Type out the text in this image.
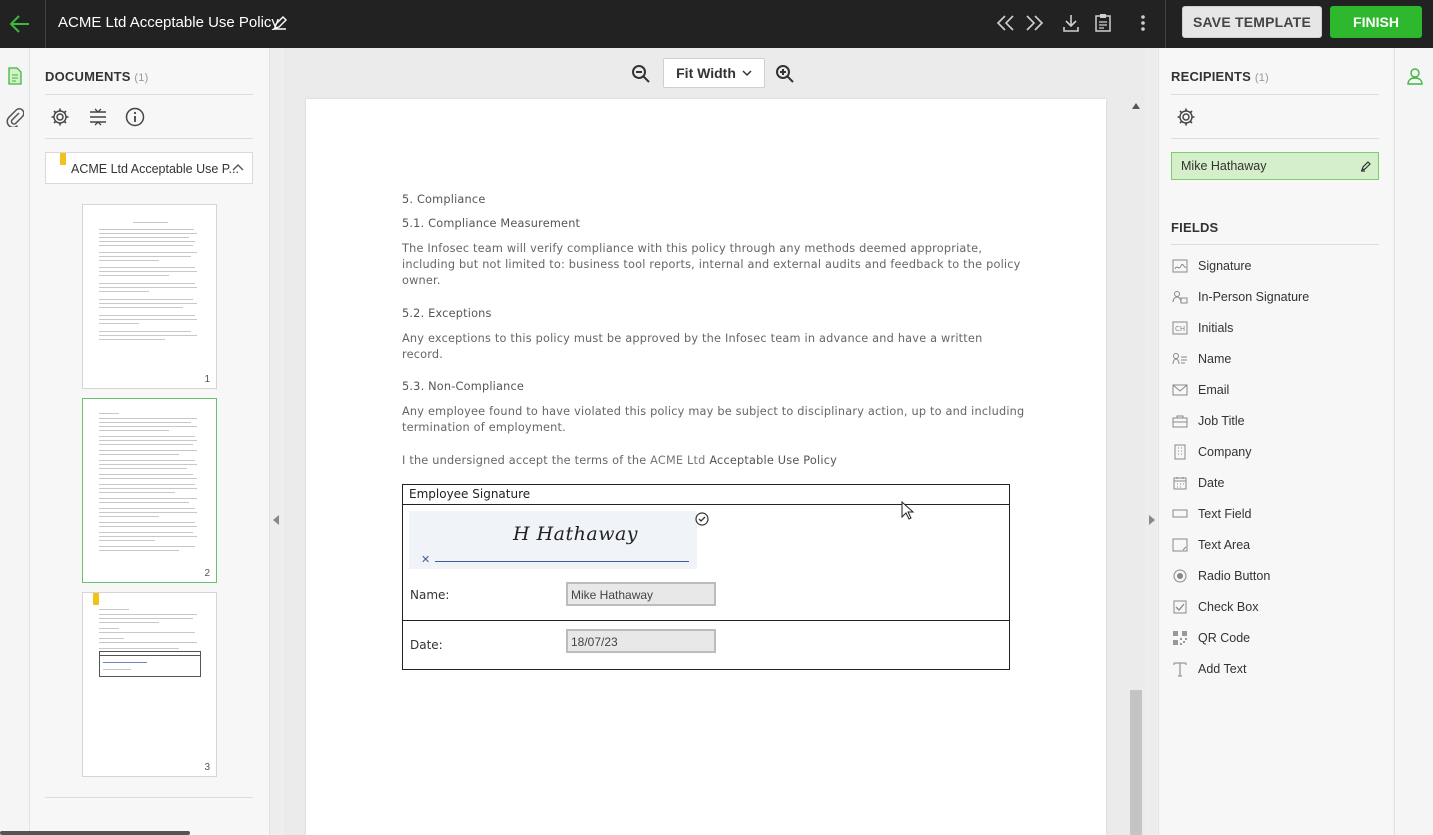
ACME Ltd Acceptable Use Policy	SAVE TEMPLATE	FINISH
DOCUMENTS (1)
ACME Ltd Acceptable Use P...
1
2
3
Fit Width
5. Compliance
5.1. Compliance Measurement
The Infosec team will verify compliance with this policy through any methods deemed appropriate,
including but not limited to: business tool reports, internal and external audits and feedback to the policy
owner.
5.2. Exceptions
Any exceptions to this policy must be approved by the Infosec team in advance and have a written
record.
5.3. Non-Compliance
Any employee found to have violated this policy may be subject to disciplinary action, up to and including
termination of employment.
I the undersigned accept the terms of the ACME Ltd Acceptable Use Policy
Employee Signature
H Hathaway
✕
Name:	Mike Hathaway
Date:	18/07/23
RECIPIENTS (1)
Mike Hathaway
FIELDS
Signature
In-Person Signature
CH Initials
Name
Email
Job Title
Company
Date
Text Field
Text Area
Radio Button
Check Box
QR Code
Add Text
